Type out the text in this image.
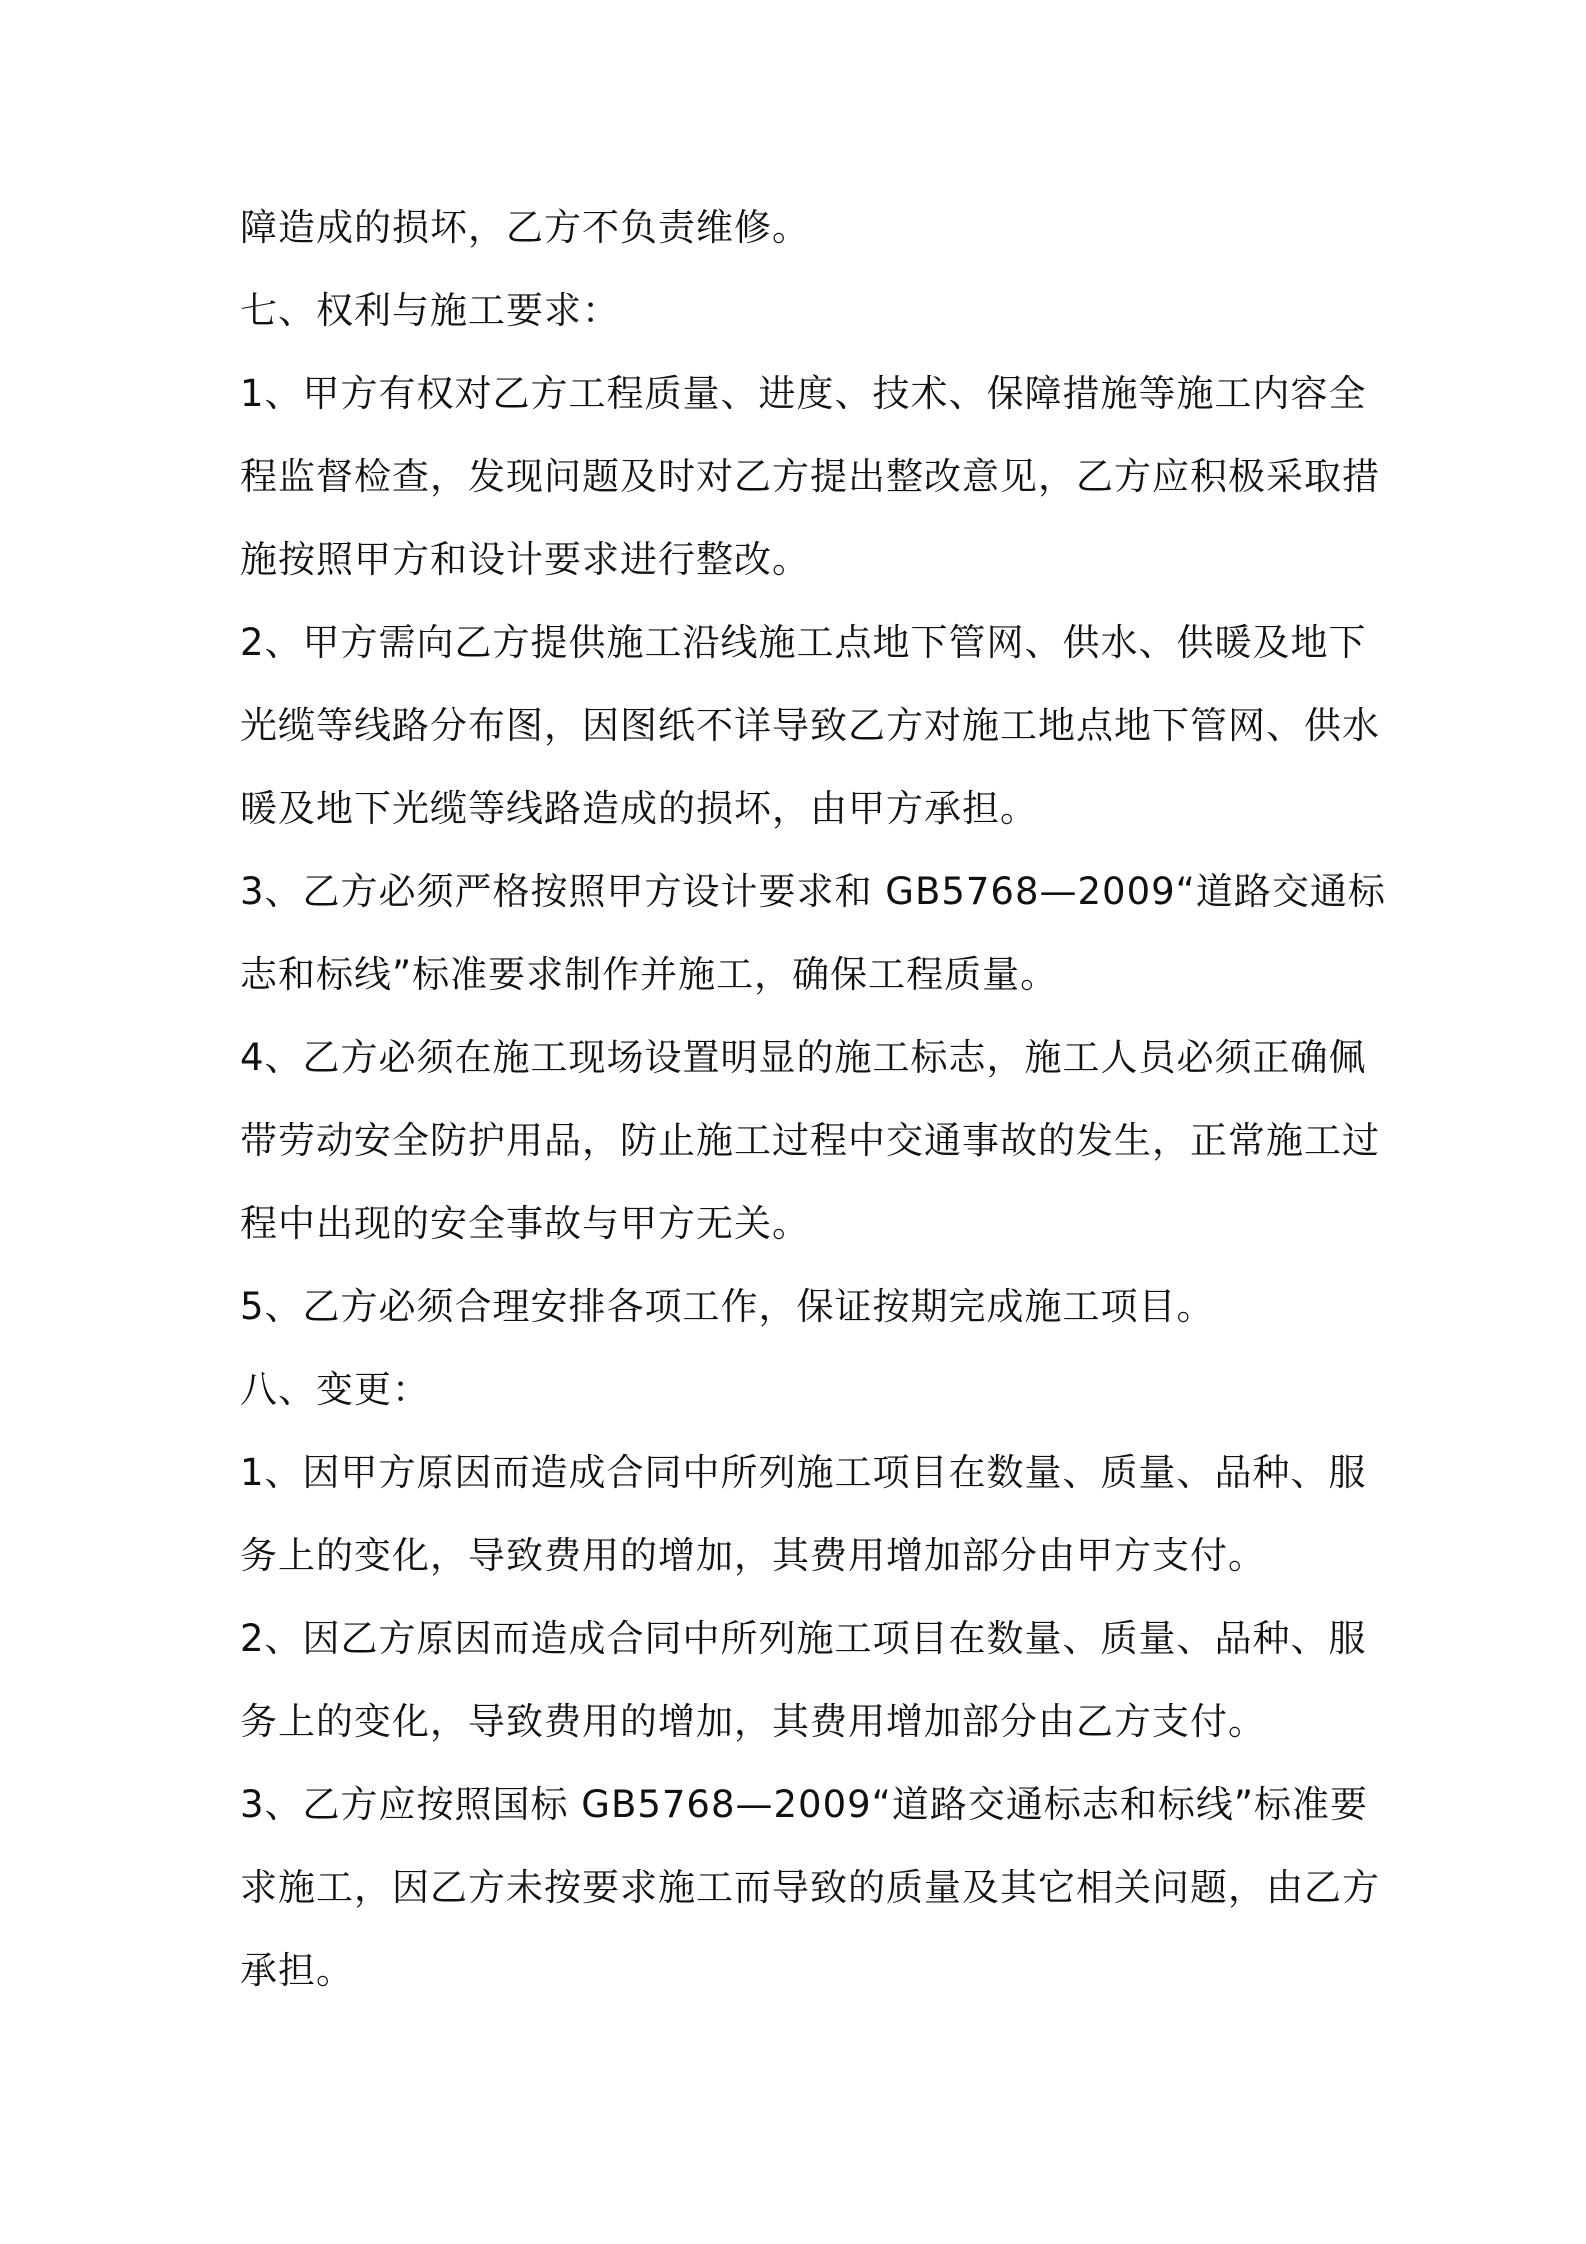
障造成的损坏，乙方不负责维修。
七、权利与施工要求：
1、甲方有权对乙方工程质量、进度、技术、保障措施等施工内容全
程监督检查，发现问题及时对乙方提出整改意见，乙方应积极采取措
施按照甲方和设计要求进行整改。
2、甲方需向乙方提供施工沿线施工点地下管网、供水、供暖及地下
光缆等线路分布图，因图纸不详导致乙方对施工地点地下管网、供水
暖及地下光缆等线路造成的损坏，由甲方承担。
3、乙方必须严格按照甲方设计要求和 GB5768—2009“道路交通标
志和标线”标准要求制作并施工，确保工程质量。
4、乙方必须在施工现场设置明显的施工标志，施工人员必须正确佩
带劳动安全防护用品，防止施工过程中交通事故的发生，正常施工过
程中出现的安全事故与甲方无关。
5、乙方必须合理安排各项工作，保证按期完成施工项目。
八、变更：
1、因甲方原因而造成合同中所列施工项目在数量、质量、品种、服
务上的变化，导致费用的增加，其费用增加部分由甲方支付。
2、因乙方原因而造成合同中所列施工项目在数量、质量、品种、服
务上的变化，导致费用的增加，其费用增加部分由乙方支付。
3、乙方应按照国标 GB5768—2009“道路交通标志和标线”标准要
求施工，因乙方未按要求施工而导致的质量及其它相关问题，由乙方
承担。
